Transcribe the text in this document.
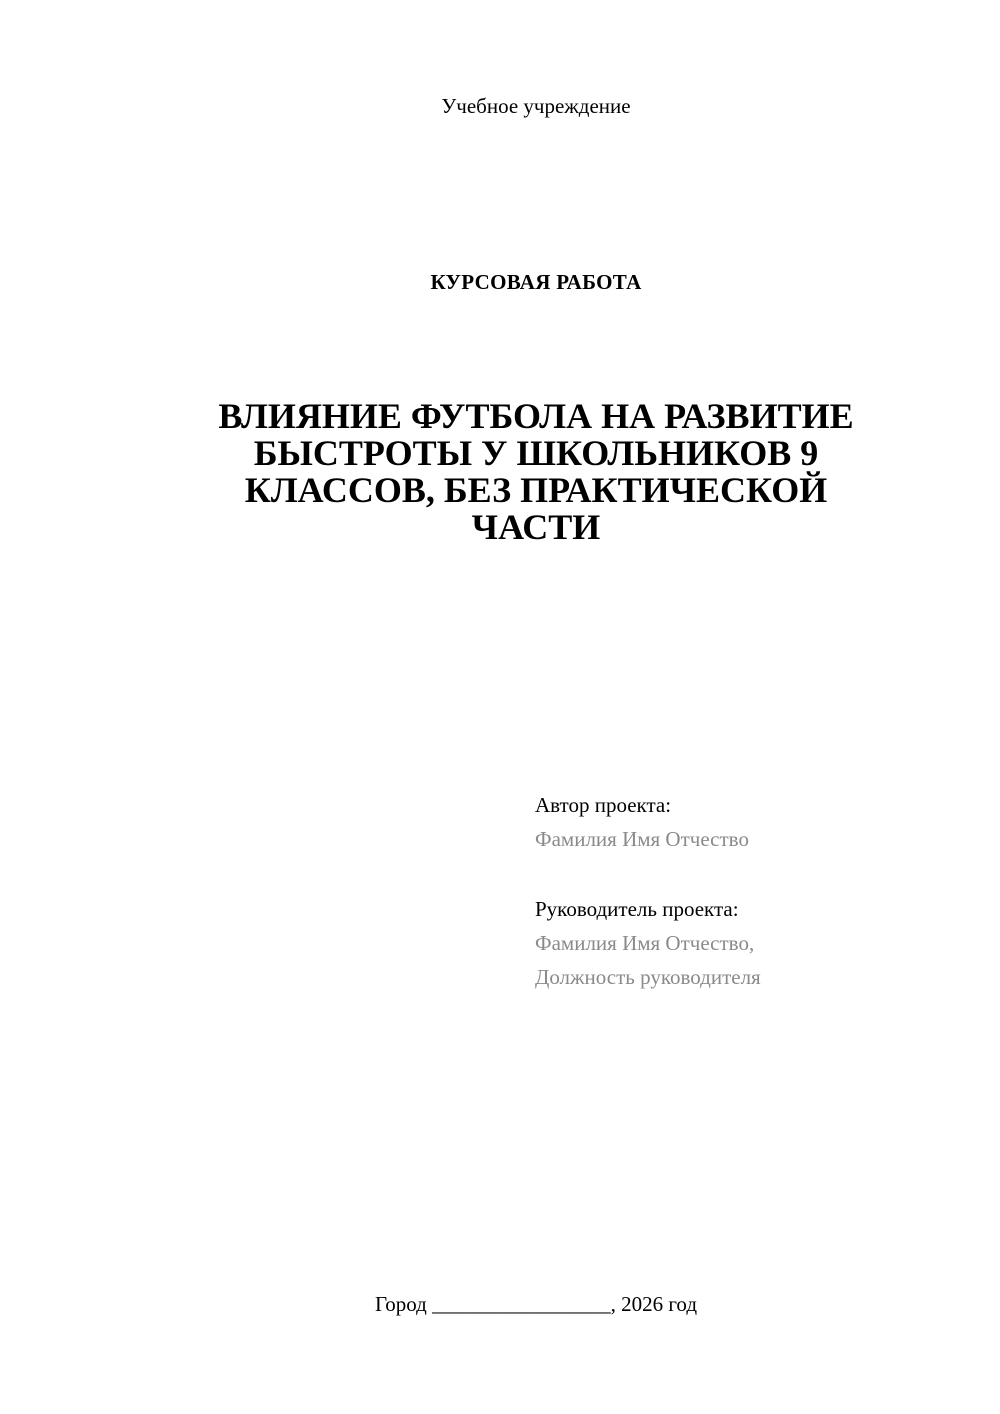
Учебное учреждение
КУРСОВАЯ РАБОТА
ВЛИЯНИЕ ФУТБОЛА НА РАЗВИТИЕ
БЫСТРОТЫ У ШКОЛЬНИКОВ 9
КЛАССОВ, БЕЗ ПРАКТИЧЕСКОЙ
ЧАСТИ
Автор проекта:
Фамилия Имя Отчество
Руководитель проекта:
Фамилия Имя Отчество,
Должность руководителя
Город _________________, 2026 год
